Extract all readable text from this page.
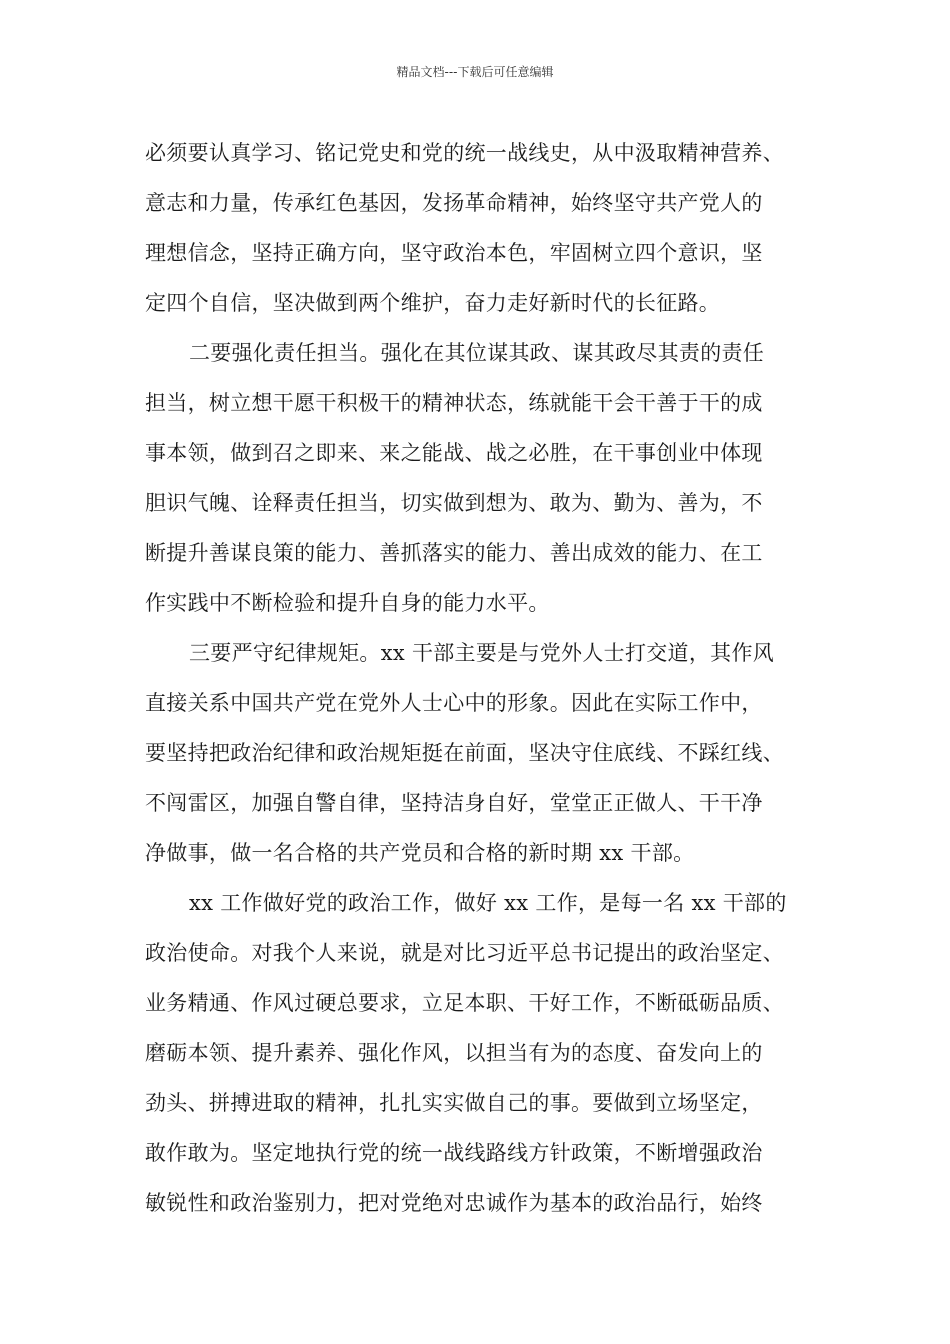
精品文档---下载后可任意编辑
必须要认真学习、铭记党史和党的统一战线史，从中汲取精神营养、
意志和力量，传承红色基因，发扬革命精神，始终坚守共产党人的
理想信念，坚持正确方向，坚守政治本色，牢固树立四个意识，坚
定四个自信，坚决做到两个维护，奋力走好新时代的长征路。
二要强化责任担当。强化在其位谋其政、谋其政尽其责的责任
担当，树立想干愿干积极干的精神状态，练就能干会干善于干的成
事本领，做到召之即来、来之能战、战之必胜，在干事创业中体现
胆识气魄、诠释责任担当，切实做到想为、敢为、勤为、善为，不
断提升善谋良策的能力、善抓落实的能力、善出成效的能力、在工
作实践中不断检验和提升自身的能力水平。
三要严守纪律规矩。xx 干部主要是与党外人士打交道，其作风
直接关系中国共产党在党外人士心中的形象。因此在实际工作中，
要坚持把政治纪律和政治规矩挺在前面，坚决守住底线、不踩红线、
不闯雷区，加强自警自律，坚持洁身自好，堂堂正正做人、干干净
净做事，做一名合格的共产党员和合格的新时期 xx 干部。
xx 工作做好党的政治工作，做好 xx 工作，是每一名 xx 干部的
政治使命。对我个人来说，就是对比习近平总书记提出的政治坚定、
业务精通、作风过硬总要求，立足本职、干好工作，不断砥砺品质、
磨砺本领、提升素养、强化作风，以担当有为的态度、奋发向上的
劲头、拼搏进取的精神，扎扎实实做自己的事。要做到立场坚定，
敢作敢为。坚定地执行党的统一战线路线方针政策，不断增强政治
敏锐性和政治鉴别力，把对党绝对忠诚作为基本的政治品行，始终
